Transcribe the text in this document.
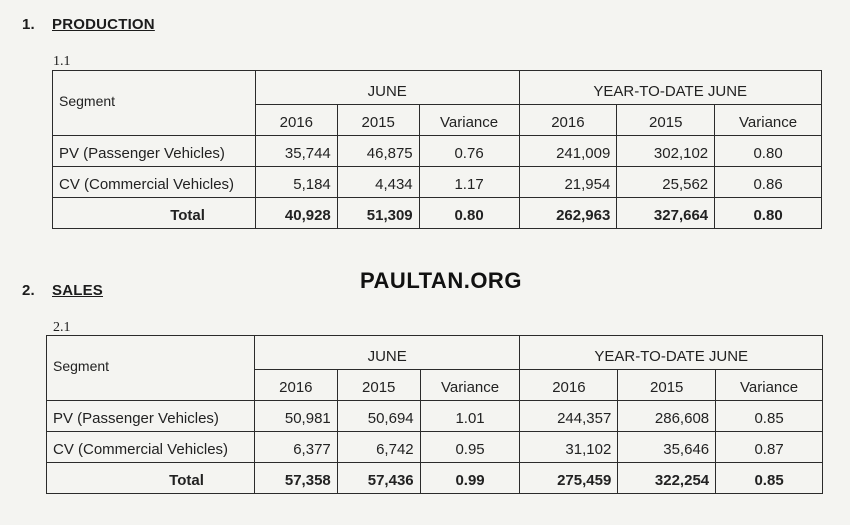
1. PRODUCTION
1.1
Segment	JUNE			YEAR-TO-DATE JUNE		
	2016	2015	Variance	2016	2015	Variance
PV (Passenger Vehicles)	35,744	46,875	0.76	241,009	302,102	0.80
CV (Commercial Vehicles)	5,184	4,434	1.17	21,954	25,562	0.86
Total	40,928	51,309	0.80	262,963	327,664	0.80
PAULTAN.ORG
2. SALES
2.1
Segment	JUNE			YEAR-TO-DATE JUNE		
	2016	2015	Variance	2016	2015	Variance
PV (Passenger Vehicles)	50,981	50,694	1.01	244,357	286,608	0.85
CV (Commercial Vehicles)	6,377	6,742	0.95	31,102	35,646	0.87
Total	57,358	57,436	0.99	275,459	322,254	0.85
